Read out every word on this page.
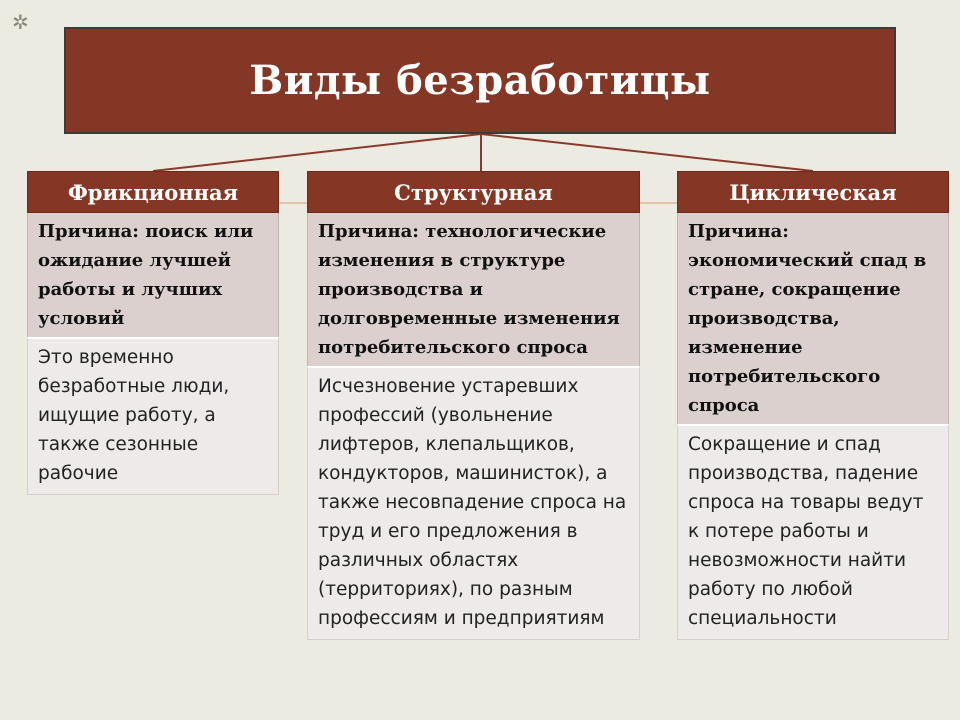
✲
Виды безработицы
Фрикционная
Причина: поиск или ожидание лучшей работы и лучших условий
Это временно безработные люди, ищущие работу, а также сезонные рабочие
Структурная
Причина: технологические изменения в структуре производства и долговременные изменения потребительского спроса
Исчезновение устаревших профессий (увольнение лифтеров, клепальщиков, кондукторов, машинисток), а также несовпадение спроса на труд и его предложения в различных областях (территориях), по разным профессиям и предприятиям
Циклическая
Причина: экономический спад в стране, сокращение производства, изменение потребительского спроса
Сокращение и спад производства, падение спроса на товары ведут к потере работы и невозможности найти работу по любой специальности
